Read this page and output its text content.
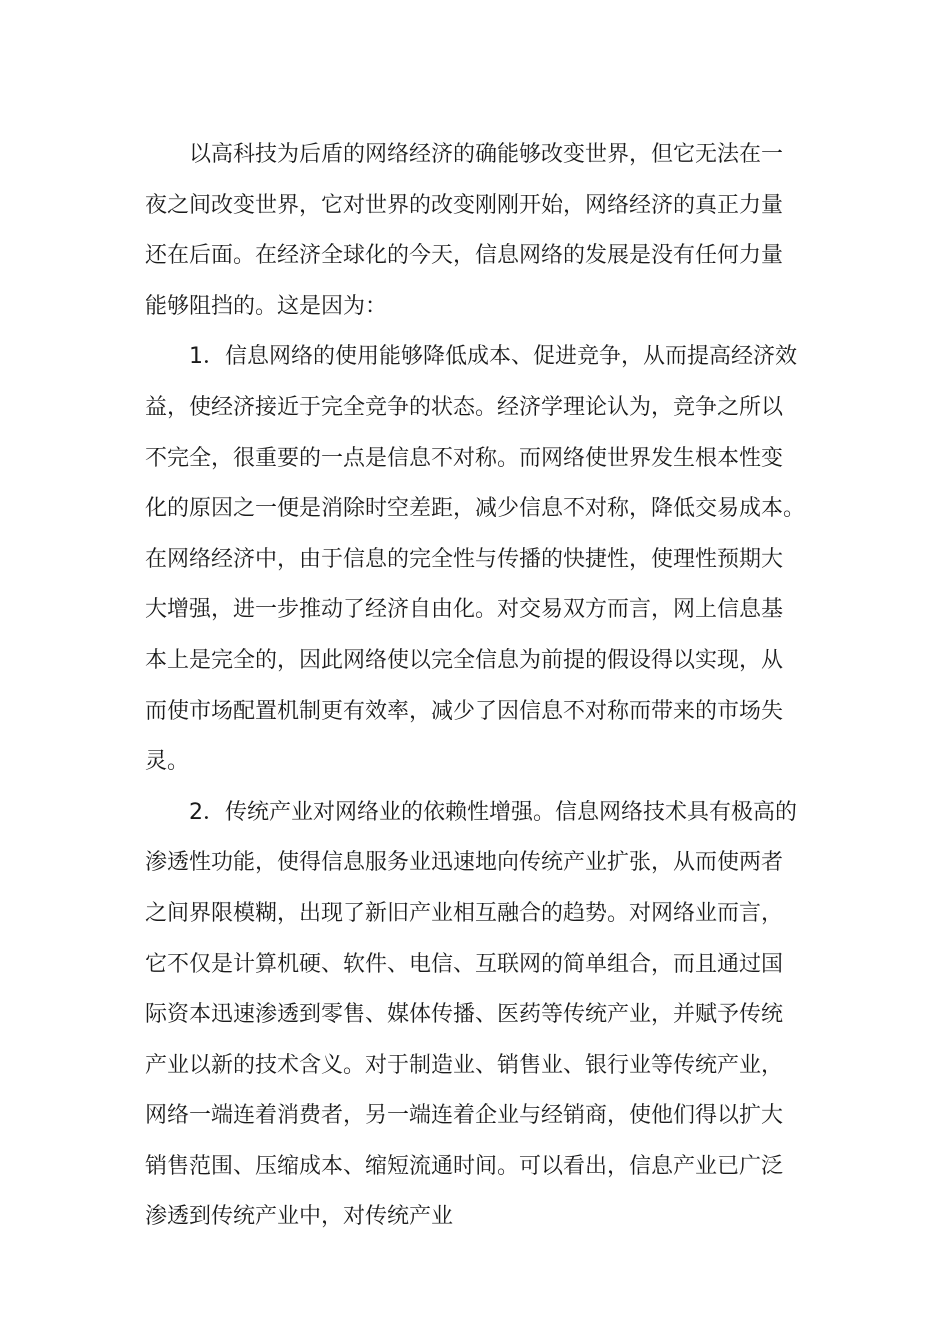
以高科技为后盾的网络经济的确能够改变世界，但它无法在一
夜之间改变世界，它对世界的改变刚刚开始，网络经济的真正力量
还在后面。在经济全球化的今天，信息网络的发展是没有任何力量
能够阻挡的。这是因为：
1．信息网络的使用能够降低成本、促进竞争，从而提高经济效
益，使经济接近于完全竞争的状态。经济学理论认为，竞争之所以
不完全，很重要的一点是信息不对称。而网络使世界发生根本性变
化的原因之一便是消除时空差距，减少信息不对称，降低交易成本。
在网络经济中，由于信息的完全性与传播的快捷性，使理性预期大
大增强，进一步推动了经济自由化。对交易双方而言，网上信息基
本上是完全的，因此网络使以完全信息为前提的假设得以实现，从
而使市场配置机制更有效率，减少了因信息不对称而带来的市场失
灵。
2．传统产业对网络业的依赖性增强。信息网络技术具有极高的
渗透性功能，使得信息服务业迅速地向传统产业扩张，从而使两者
之间界限模糊，出现了新旧产业相互融合的趋势。对网络业而言，
它不仅是计算机硬、软件、电信、互联网的简单组合，而且通过国
际资本迅速渗透到零售、媒体传播、医药等传统产业，并赋予传统
产业以新的技术含义。对于制造业、销售业、银行业等传统产业，
网络一端连着消费者，另一端连着企业与经销商，使他们得以扩大
销售范围、压缩成本、缩短流通时间。可以看出，信息产业已广泛
渗透到传统产业中，对传统产业
